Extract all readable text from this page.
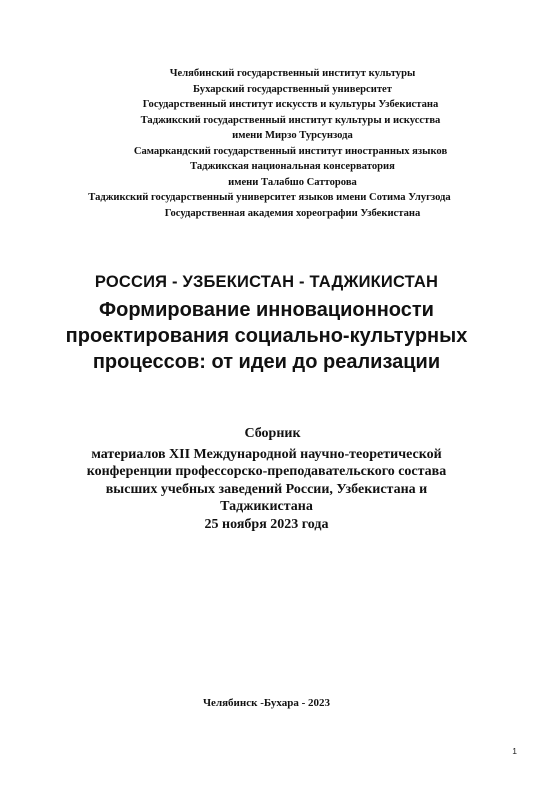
Челябинский государственный институт культуры
Бухарский государственный университет
Государственный институт искусств и культуры Узбекистана
Таджикский государственный институт культуры и искусства
имени Мирзо Турсунзода
Самаркандский государственный институт иностранных языков
Таджикская национальная консерватория
имени Талабшо Сатторова
Таджикский государственный университет языков имени Сотима Улугзода
Государственная академия хореографии Узбекистана
РОССИЯ - УЗБЕКИСТАН - ТАДЖИКИСТАН
Формирование инновационности
проектирования социально-культурных
процессов: от идеи до реализации
Сборник
материалов XII Международной научно-теоретической
конференции профессорско-преподавательского состава
высших учебных заведений России, Узбекистана и
Таджикистана
25 ноября 2023 года
Челябинск -Бухара - 2023
1
